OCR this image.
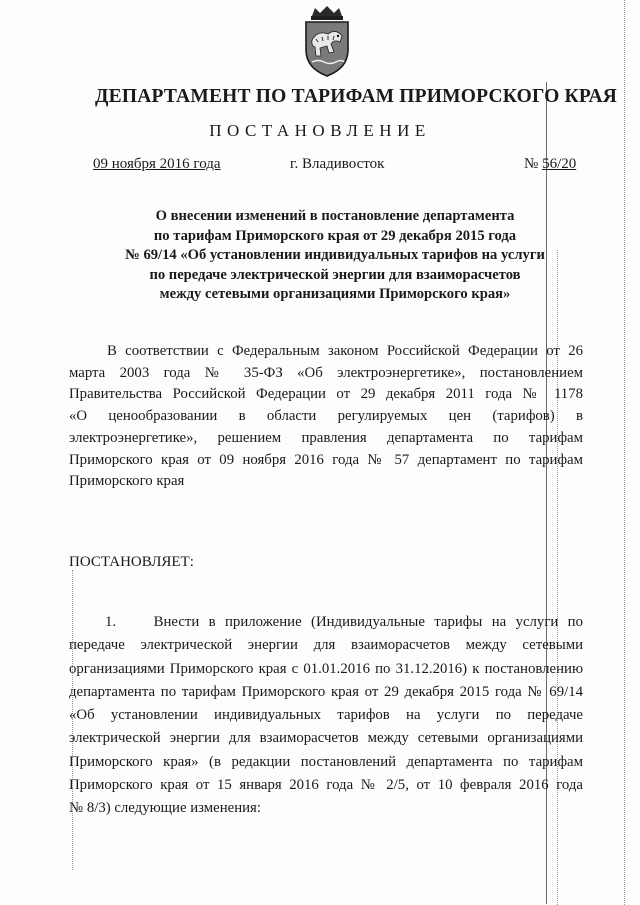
ДЕПАРТАМЕНТ ПО ТАРИФАМ ПРИМОРСКОГО КРАЯ
ПОСТАНОВЛЕНИЕ
09 ноября 2016 года	г. Владивосток	№ 56/20
О внесении изменений в постановление департамента
по тарифам Приморского края от 29 декабря 2015 года
№ 69/14 «Об установлении индивидуальных тарифов на услуги
по передаче электрической энергии для взаиморасчетов
между сетевыми организациями Приморского края»
В соответствии с Федеральным законом Российской Федерации от 26
марта 2003 года № 35-ФЗ «Об электроэнергетике», постановлением
Правительства Российской Федерации от 29 декабря 2011 года № 1178
«О ценообразовании в области регулируемых цен (тарифов) в
электроэнергетике», решением правления департамента по тарифам
Приморского края от 09 ноября 2016 года № 57 департамент по тарифам
Приморского края
ПОСТАНОВЛЯЕТ:
1.    Внести в приложение (Индивидуальные тарифы на услуги по
передаче электрической энергии для взаиморасчетов между сетевыми
организациями Приморского края с 01.01.2016 по 31.12.2016) к постановлению
департамента по тарифам Приморского края от 29 декабря 2015 года № 69/14
«Об установлении индивидуальных тарифов на услуги по передаче
электрической энергии для взаиморасчетов между сетевыми организациями
Приморского края» (в редакции постановлений департамента по тарифам
Приморского края от 15 января 2016 года № 2/5, от 10 февраля 2016 года
№ 8/3) следующие изменения:
